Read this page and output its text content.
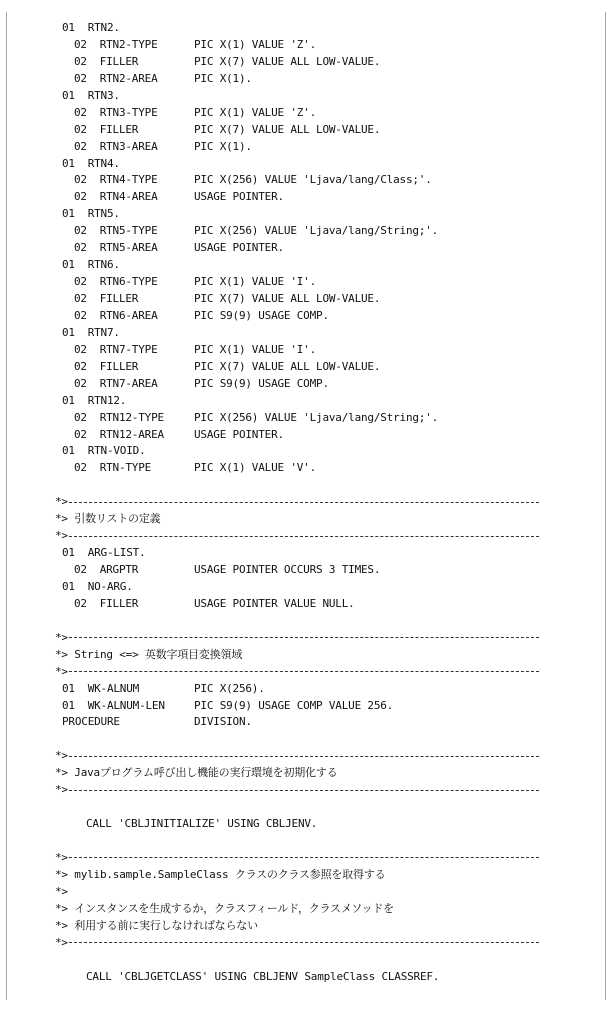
01  RTN2.
02  RTN2-TYPE	PIC X(1) VALUE 'Z'.
02  FILLER	PIC X(7) VALUE ALL LOW-VALUE.
02  RTN2-AREA	PIC X(1).
01  RTN3.
02  RTN3-TYPE	PIC X(1) VALUE 'Z'.
02  FILLER	PIC X(7) VALUE ALL LOW-VALUE.
02  RTN3-AREA	PIC X(1).
01  RTN4.
02  RTN4-TYPE	PIC X(256) VALUE 'Ljava/lang/Class;'.
02  RTN4-AREA	USAGE POINTER.
01  RTN5.
02  RTN5-TYPE	PIC X(256) VALUE 'Ljava/lang/String;'.
02  RTN5-AREA	USAGE POINTER.
01  RTN6.
02  RTN6-TYPE	PIC X(1) VALUE 'I'.
02  FILLER	PIC X(7) VALUE ALL LOW-VALUE.
02  RTN6-AREA	PIC S9(9) USAGE COMP.
01  RTN7.
02  RTN7-TYPE	PIC X(1) VALUE 'I'.
02  FILLER	PIC X(7) VALUE ALL LOW-VALUE.
02  RTN7-AREA	PIC S9(9) USAGE COMP.
01  RTN12.
02  RTN12-TYPE	PIC X(256) VALUE 'Ljava/lang/String;'.
02  RTN12-AREA	USAGE POINTER.
01  RTN-VOID.
02  RTN-TYPE	PIC X(1) VALUE 'V'.
*>
*> 引数リストの定義
*>
01  ARG-LIST.
02  ARGPTR	USAGE POINTER OCCURS 3 TIMES.
01  NO-ARG.
02  FILLER	USAGE POINTER VALUE NULL.
*>
*> String <=> 英数字項目変換領域
*>
01  WK-ALNUM	PIC X(256).
01  WK-ALNUM-LEN	PIC S9(9) USAGE COMP VALUE 256.
PROCEDURE	DIVISION.
*>
*> Javaプログラム呼び出し機能の実行環境を初期化する
*>
CALL 'CBLJINITIALIZE' USING CBLJENV.
*>
*> mylib.sample.SampleClass クラスのクラス参照を取得する
*>
*> インスタンスを生成するか，クラスフィールド，クラスメソッドを
*> 利用する前に実行しなければならない
*>
CALL 'CBLJGETCLASS' USING CBLJENV SampleClass CLASSREF.
